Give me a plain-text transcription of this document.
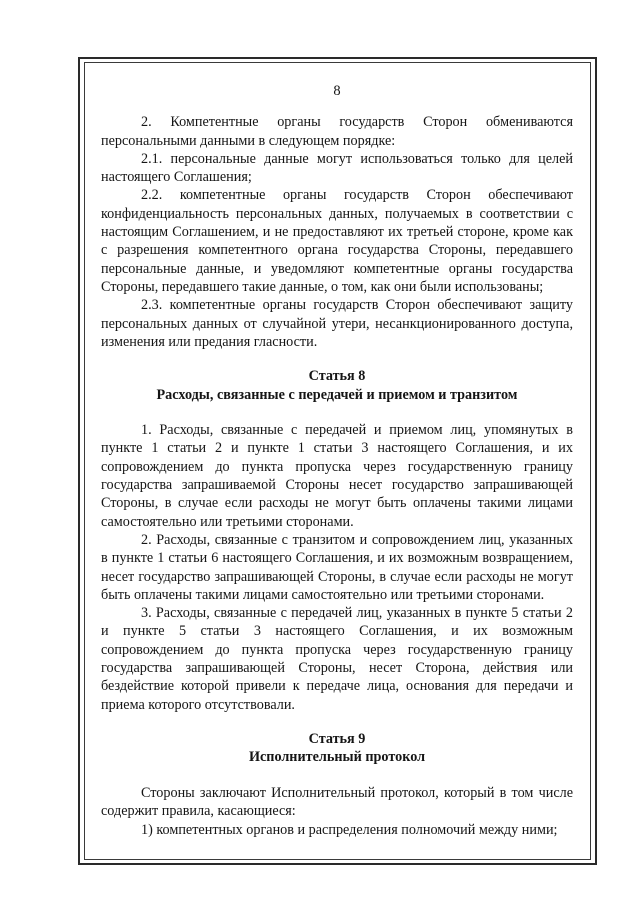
8

2. Компетентные органы государств Сторон обмениваются персональными данными в следующем порядке:

2.1. персональные данные могут использоваться только для целей настоящего Соглашения;

2.2. компетентные органы государств Сторон обеспечивают конфиденциальность персональных данных, получаемых в соответствии с настоящим Соглашением, и не предоставляют их третьей стороне, кроме как с разрешения компетентного органа государства Стороны, передавшего персональные данные, и уведомляют компетентные органы государства Стороны, передавшего такие данные, о том, как они были использованы;

2.3. компетентные органы государств Сторон обеспечивают защиту персональных данных от случайной утери, несанкционированного доступа, изменения или предания гласности.

Статья 8
Расходы, связанные с передачей и приемом и транзитом

1. Расходы, связанные с передачей и приемом лиц, упомянутых в пункте 1 статьи 2 и пункте 1 статьи 3 настоящего Соглашения, и их сопровождением до пункта пропуска через государственную границу государства запрашиваемой Стороны несет государство запрашивающей Стороны, в случае если расходы не могут быть оплачены такими лицами самостоятельно или третьими сторонами.

2. Расходы, связанные с транзитом и сопровождением лиц, указанных в пункте 1 статьи 6 настоящего Соглашения, и их возможным возвращением, несет государство запрашивающей Стороны, в случае если расходы не могут быть оплачены такими лицами самостоятельно или третьими сторонами.

3. Расходы, связанные с передачей лиц, указанных в пункте 5 статьи 2 и пункте 5 статьи 3 настоящего Соглашения, и их возможным сопровождением до пункта пропуска через государственную границу государства запрашивающей Стороны, несет Сторона, действия или бездействие которой привели к передаче лица, основания для передачи и приема которого отсутствовали.

Статья 9
Исполнительный протокол

Стороны заключают Исполнительный протокол, который в том числе содержит правила, касающиеся:

1) компетентных органов и распределения полномочий между ними;
